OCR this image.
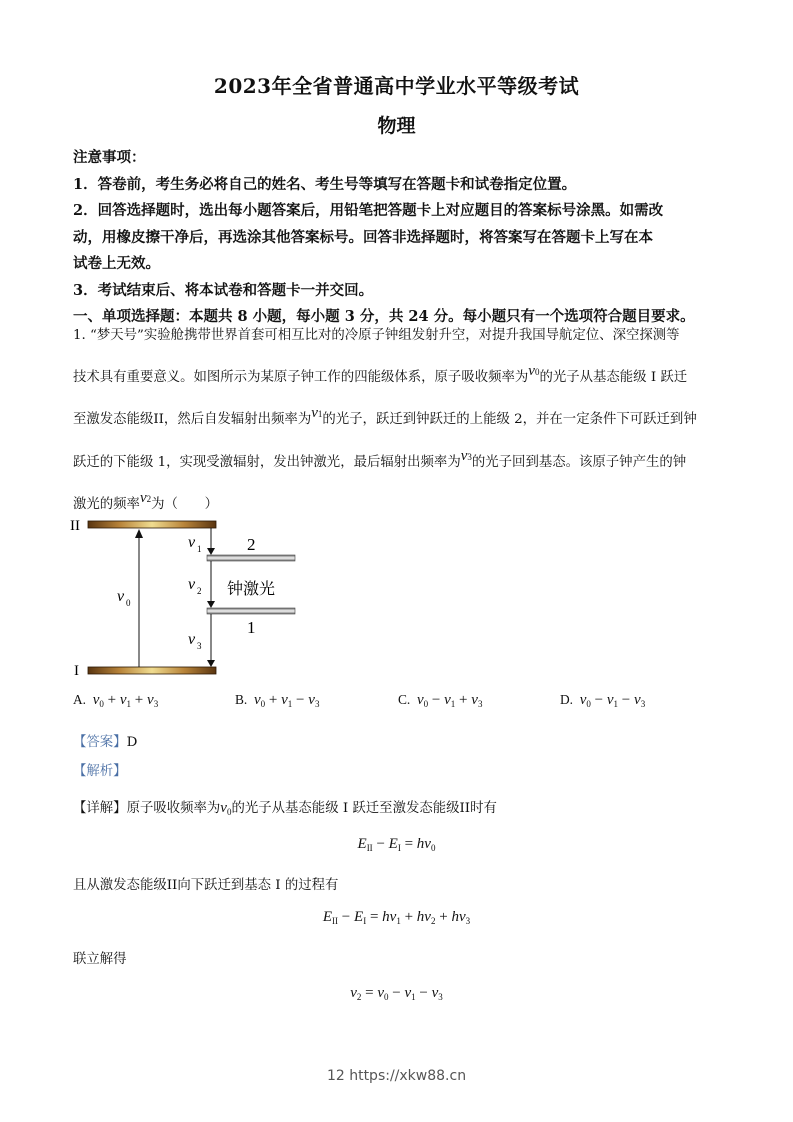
2023年全省普通高中学业水平等级考试
物理
注意事项：
1．答卷前，考生务必将自己的姓名、考生号等填写在答题卡和试卷指定位置。
2．回答选择题时，选出每小题答案后，用铅笔把答题卡上对应题目的答案标号涂黑。如需改
动，用橡皮擦干净后，再选涂其他答案标号。回答非选择题时，将答案写在答题卡上写在本
试卷上无效。
3．考试结束后、将本试卷和答题卡一并交回。
一、单项选择题：本题共 8 小题，每小题 3 分，共 24 分。每小题只有一个选项符合题目要求。
1. “梦天号”实验舱携带世界首套可相互比对的冷原子钟组发射升空，对提升我国导航定位、深空探测等
技术具有重要意义。如图所示为某原子钟工作的四能级体系，原子吸收频率为ν0的光子从基态能级 I 跃迁
至激发态能级II，然后自发辐射出频率为ν1的光子，跃迁到钟跃迁的上能级 2，并在一定条件下可跃迁到钟
跃迁的下能级 1，实现受激辐射，发出钟激光，最后辐射出频率为ν3的光子回到基态。该原子钟产生的钟
激光的频率ν2为（　　）
II
I
2
1
钟激光
ν 0
ν 1
ν 2
ν 3
A. $\nu_0 + \nu_1 + \nu_3$	B. $\nu_0 + \nu_1 - \nu_3$	C. $\nu_0 - \nu_1 + \nu_3$	D. $\nu_0 - \nu_1 - \nu_3$
【答案】D
【解析】
【详解】原子吸收频率为$\nu_0$的光子从基态能级 I 跃迁至激发态能级II时有
$E_{II} - E_I = h\nu_0$
且从激发态能级II向下跃迁到基态 I 的过程有
$E_{II} - E_I = h\nu_1 + h\nu_2 + h\nu_3$
联立解得
$\nu_2 = \nu_0 - \nu_1 - \nu_3$
12 https://xkw88.cn
